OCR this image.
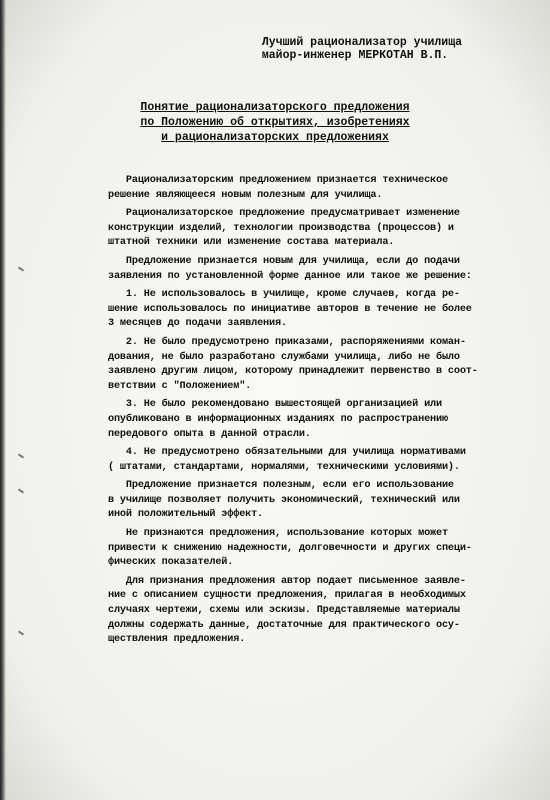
Лучший рационализатор училища
майор-инженер МЕРКОТАН В.П.
Понятие рационализаторского предложения
по Положению об открытиях, изобретениях
и рационализаторских предложениях
Рационализаторским предложением признается техническое
решение являющееся новым полезным для училища.
Рационализаторское предложение предусматривает изменение
конструкции изделий, технологии производства (процессов) и
штатной техники или изменение состава материала.
Предложение признается новым для училища, если до подачи
заявления по установленной форме данное или такое же решение:
1. Не использовалось в училище, кроме случаев, когда ре-
шение использовалось по инициативе авторов в течение не более
3 месяцев до подачи заявления.
2. Не было предусмотрено приказами, распоряжениями коман-
дования, не было разработано службами училища, либо не было
заявлено другим лицом, которому принадлежит первенство в соот-
ветствии с "Положением".
3. Не было рекомендовано вышестоящей организацией или
опубликовано в информационных изданиях по распространению
передового опыта в данной отрасли.
4. Не предусмотрено обязательными для училища нормативами
( штатами, стандартами, нормалями, техническими условиями).
Предложение признается полезным, если его использование
в училище позволяет получить экономический, технический или
иной положительный эффект.
Не признаются предложения, использование которых может
привести к снижению надежности, долговечности и других специ-
фических показателей.
Для признания предложения автор подает письменное заявле-
ние с описанием сущности предложения, прилагая в необходимых
случаях чертежи, схемы или эскизы. Представляемые материалы
должны содержать данные, достаточные для практического осу-
ществления предложения.
